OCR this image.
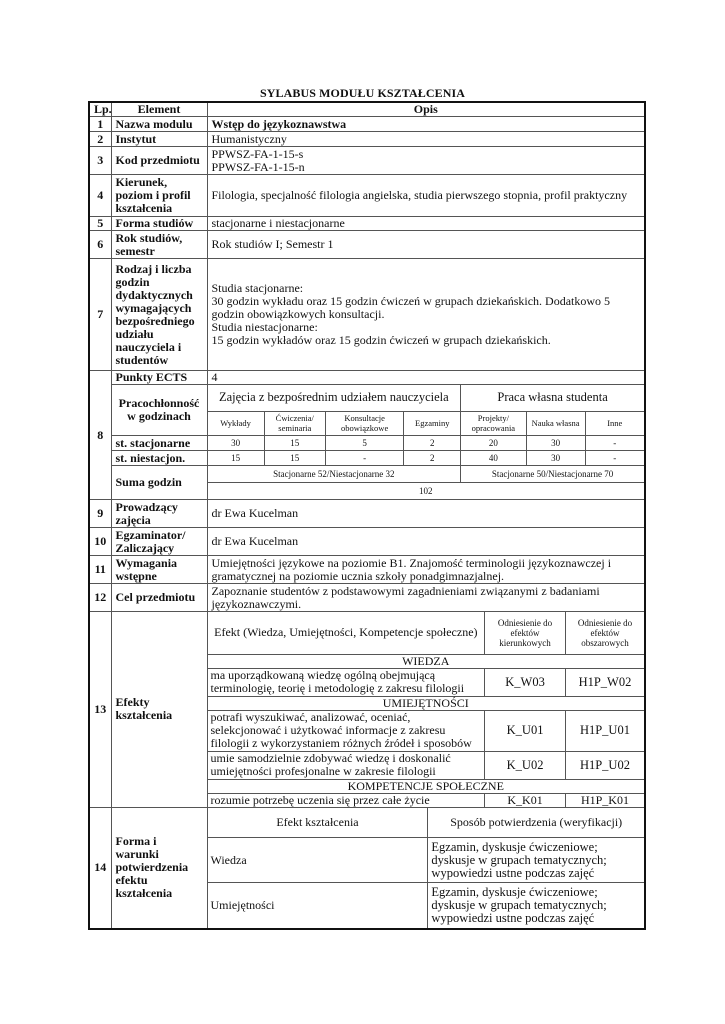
SYLABUS MODUŁU KSZTAŁCENIA
Lp.	Element	Opis
1	Nazwa modulu	Wstęp do językoznawstwa
2	Instytut	Humanistyczny
3	Kod przedmiotu	PPWSZ-FA-1-15-s
PPWSZ-FA-1-15-n

4	Kierunek, poziom i profil kształcenia	Filologia, specjalność filologia angielska, studia pierwszego stopnia, profil praktyczny
5	Forma studiów	stacjonarne i niestacjonarne
6	Rok studiów, semestr	Rok studiów I; Semestr 1
7	Rodzaj i liczba godzin dydaktycznych wymagających bezpośredniego udziału nauczyciela i studentów	
Studia stacjonarne:
30 godzin wykładu oraz 15 godzin ćwiczeń w grupach dziekańskich. Dodatkowo 5 godzin obowiązkowych konsultacji.
Studia niestacjonarne:
15 godzin wykładów oraz 15 godzin ćwiczeń w grupach dziekańskich.

8	Punkty ECTS	4
Pracochłonność w godzinach	
Zajęcia z bezpośrednim udziałem nauczyciela	Praca własna studenta
Wykłady	Ćwiczenia/ seminaria	Konsultacje obowiązkowe	Egzaminy	Projekty/ opracowania	Nauka własna	Inne

st. stacjonarne		30	15	5	2	20	30	-

st. niestacjon.		15	15	-	2	40	30	-

Suma godzin	
Stacjonarne 52/Niestacjonarne 32	Stacjonarne 50/Niestacjonarne 70
102

9	Prowadzący zajęcia	dr Ewa Kucelman
10	Egzaminator/ Zaliczający	dr Ewa Kucelman
11	Wymagania wstępne	Umiejętności językowe na poziomie B1. Znajomość terminologii językoznawczej i gramatycznej na poziomie ucznia szkoły ponadgimnazjalnej.
12	Cel przedmiotu	Zapoznanie studentów z podstawowymi zagadnieniami związanymi z badaniami językoznawczymi.
13	Efekty kształcenia	
Efekt (Wiedza, Umiejętności, Kompetencje społeczne)	Odniesienie do efektów kierunkowych	Odniesienie do efektów obszarowych
WIEDZA
ma uporządkowaną wiedzę ogólną obejmującą terminologię, teorię i metodologię z zakresu filologii	K_W03	H1P_W02
UMIEJĘTNOŚCI
potrafi wyszukiwać, analizować, oceniać, selekcjonować i użytkować informacje z zakresu filologii z wykorzystaniem różnych źródeł i sposobów	K_U01	H1P_U01
umie samodzielnie zdobywać wiedzę i doskonalić umiejętności profesjonalne w zakresie filologii	K_U02	H1P_U02
KOMPETENCJE SPOŁECZNE
rozumie potrzebę uczenia się przez całe życie	K_K01	H1P_K01

14	Forma i warunki potwierdzenia efektu kształcenia	
Efekt kształcenia	Sposób potwierdzenia (weryfikacji)
Wiedza	Egzamin, dyskusje ćwiczeniowe; dyskusje w grupach tematycznych; wypowiedzi ustne podczas zajęć
Umiejętności	Egzamin, dyskusje ćwiczeniowe; dyskusje w grupach tematycznych; wypowiedzi ustne podczas zajęć
